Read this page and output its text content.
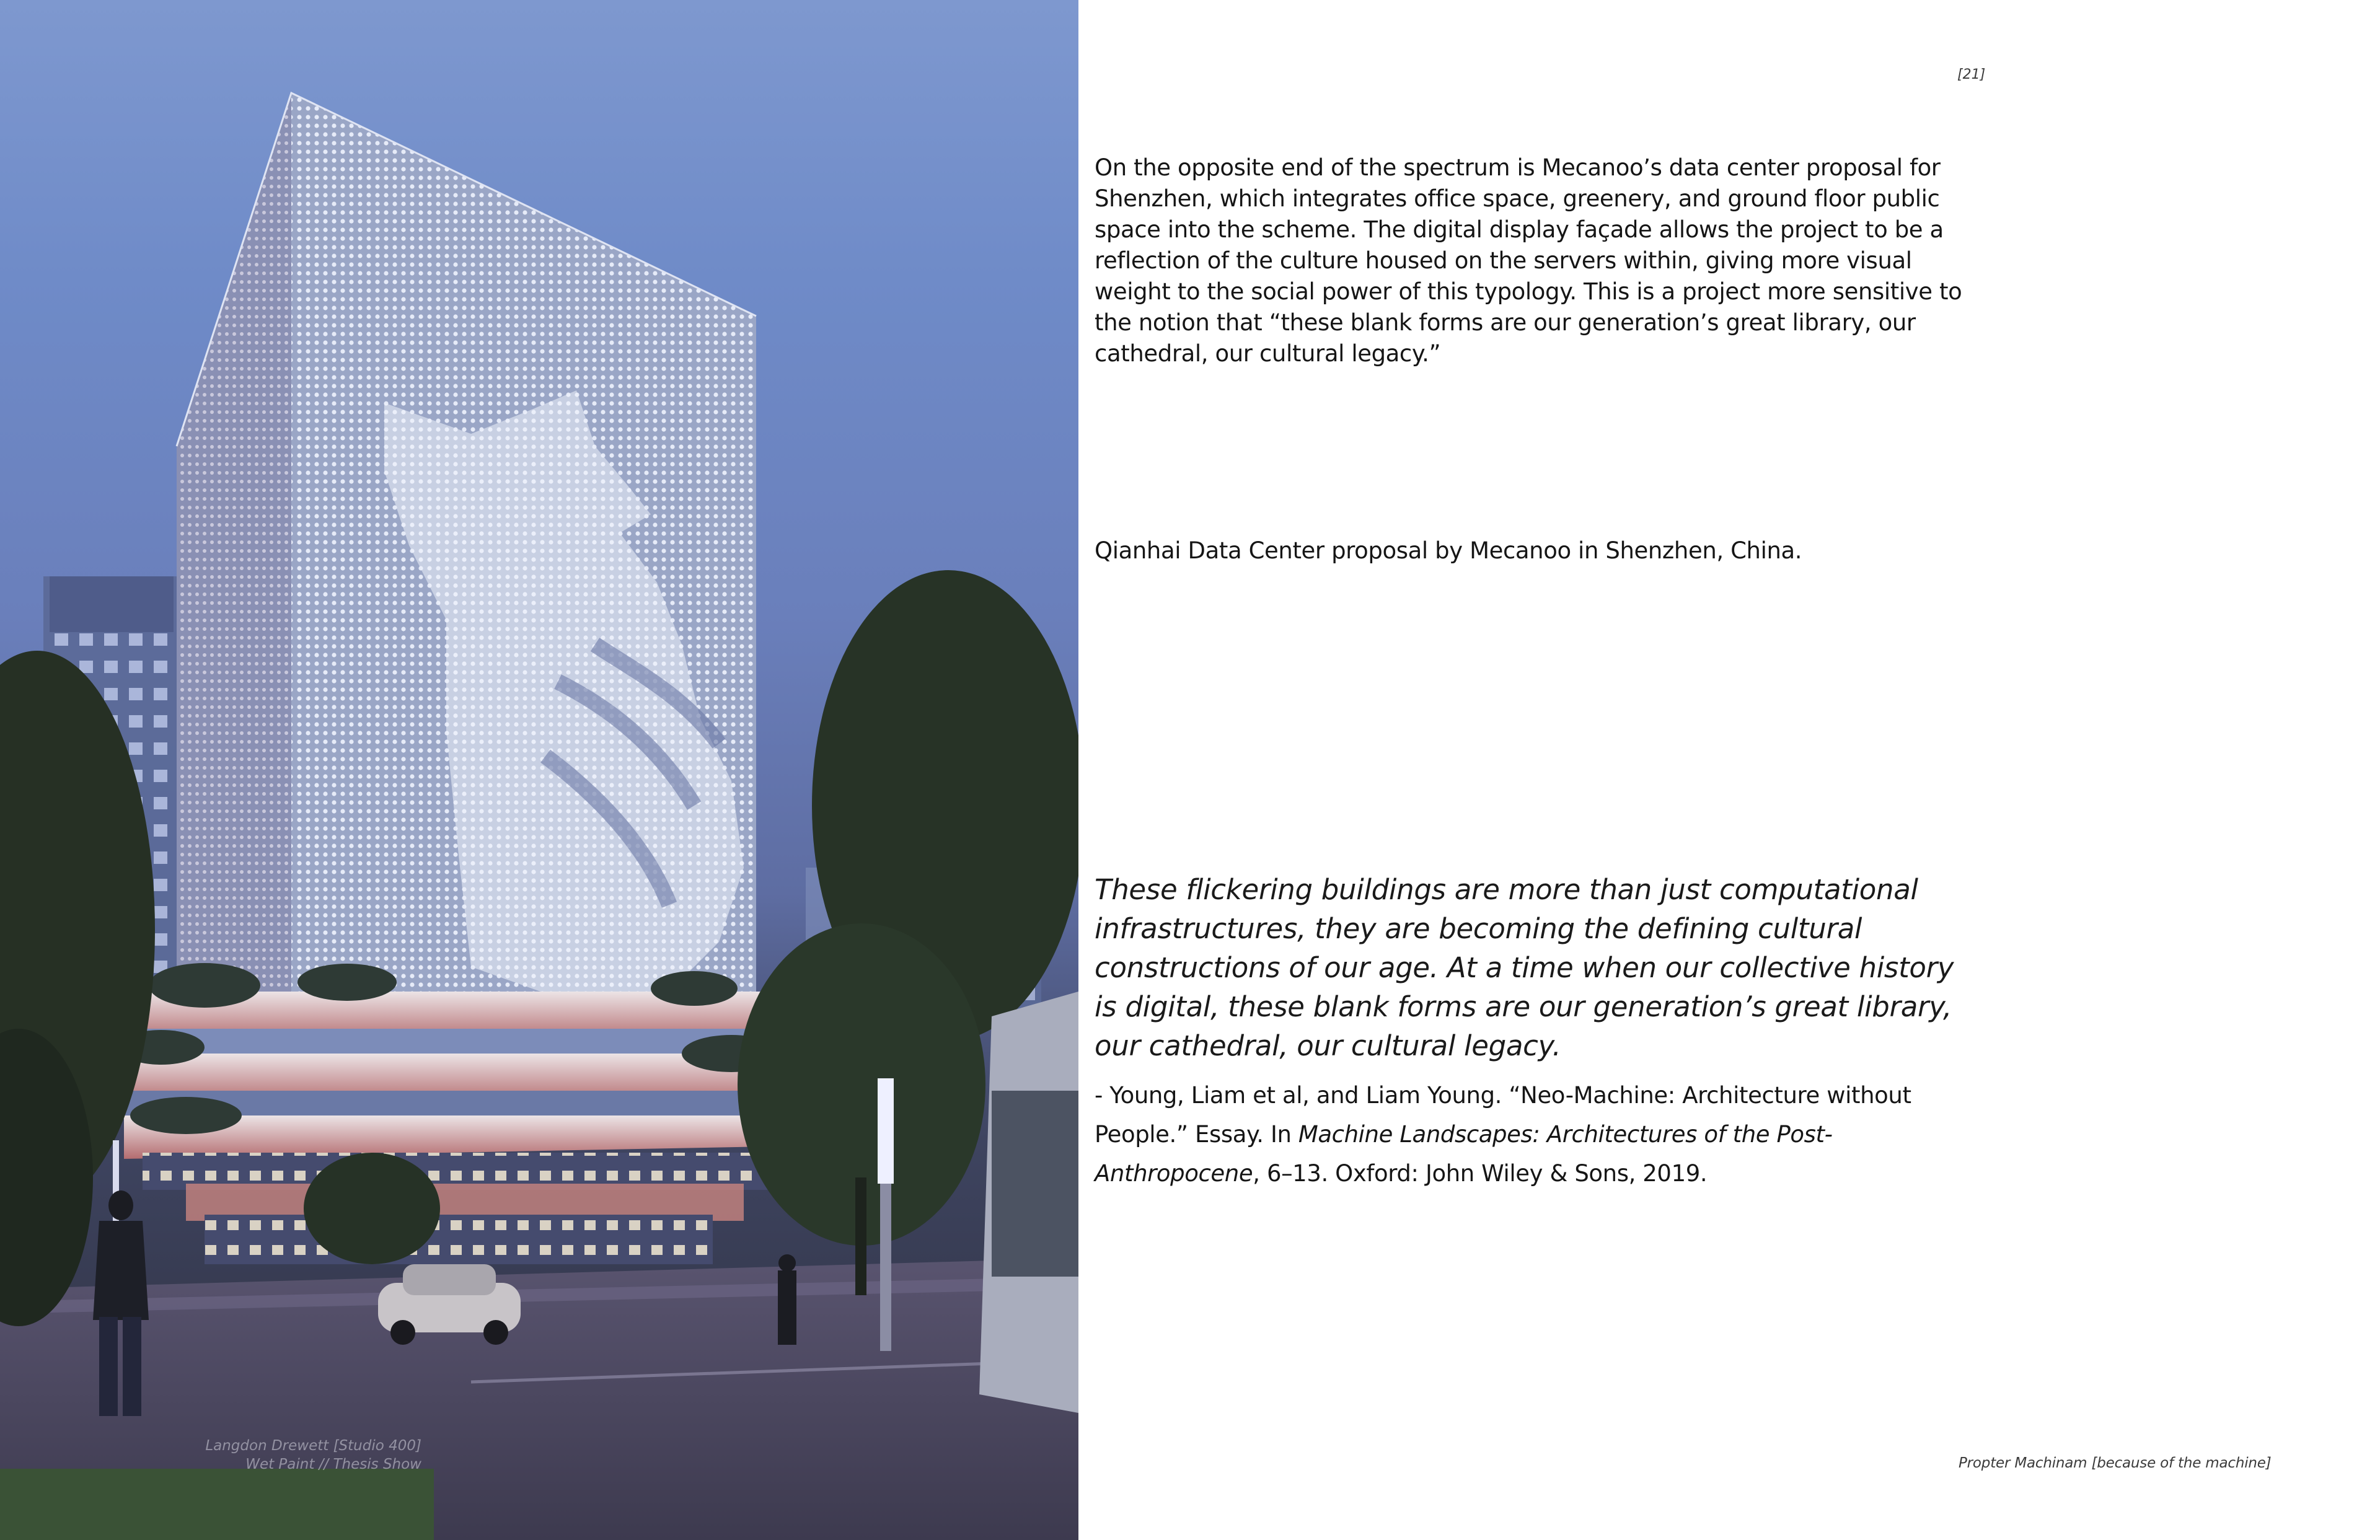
Langdon Drewett [Studio 400]
Wet Paint // Thesis Show
[21]

On the opposite end of the spectrum is Mecanoo’s data center proposal for Shenzhen, which integrates office space, greenery, and ground floor public space into the scheme. The digital display façade allows the project to be a reflection of the culture housed on the servers within, giving more visual weight to the social power of this typology. This is a project more sensitive to the notion that “these blank forms are our generation’s great library, our cathedral, our cultural legacy.”

Qianhai Data Center proposal by Mecanoo in Shenzhen, China.
These flickering buildings are more than just computational infrastructures, they are becoming the defining cultural constructions of our age. At a time when our collective history is digital, these blank forms are our generation’s great library, our cathedral, our cultural legacy.
- Young, Liam et al, and Liam Young. “Neo-Machine: Architecture without People.” Essay. In Machine Landscapes: Architectures of the Post-Anthropocene, 6–13. Oxford: John Wiley & Sons, 2019.
Propter Machinam [because of the machine]
